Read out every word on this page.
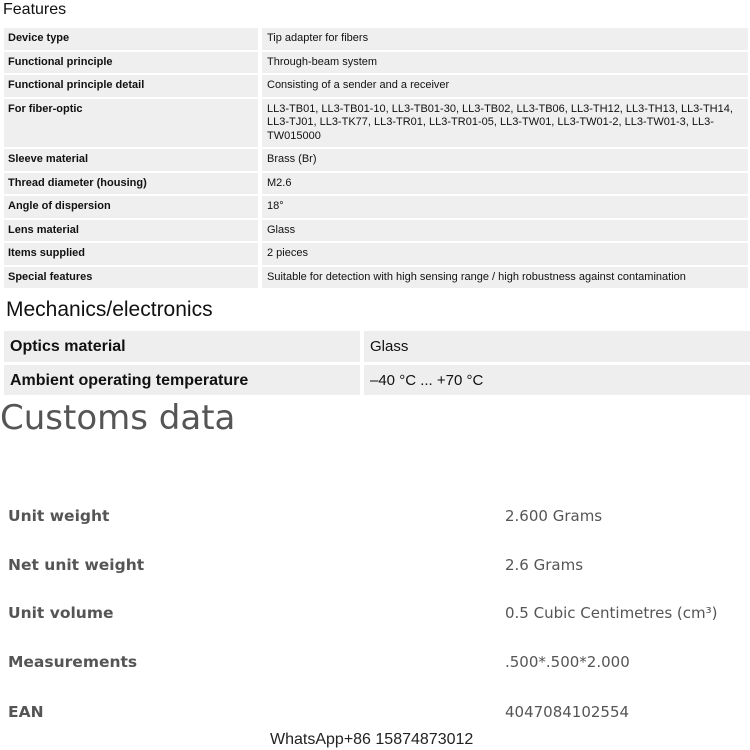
Features
Device type	Tip adapter for fibers
Functional principle	Through-beam system
Functional principle detail	Consisting of a sender and a receiver
For fiber-optic	LL3-TB01, LL3-TB01-10, LL3-TB01-30, LL3-TB02, LL3-TB06, LL3-TH12, LL3-TH13, LL3-TH14, LL3-TJ01, LL3-TK77, LL3-TR01, LL3-TR01-05, LL3-TW01, LL3-TW01-2, LL3-TW01-3, LL3-TW015000
Sleeve material	Brass (Br)
Thread diameter (housing)	M2.6
Angle of dispersion	18°
Lens material	Glass
Items supplied	2 pieces
Special features	Suitable for detection with high sensing range / high robustness against contamination
Mechanics/electronics
Optics material	Glass
Ambient operating temperature	–40 °C ... +70 °C
Customs data
Unit weight	2.600 Grams
Net unit weight	2.6 Grams
Unit volume	0.5 Cubic Centimetres (cm³)
Measurements	.500*.500*2.000
EAN	4047084102554
WhatsApp+86 15874873012
